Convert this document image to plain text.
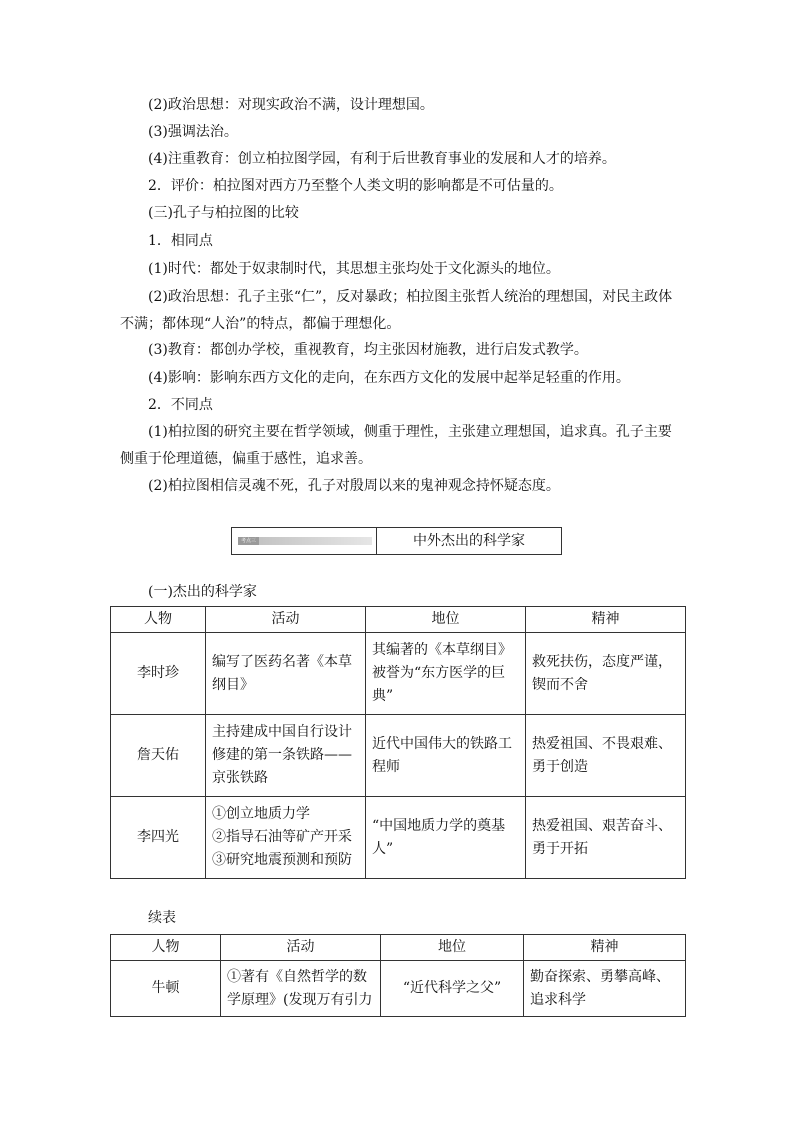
(2)政治思想：对现实政治不满，设计理想国。

(3)强调法治。

(4)注重教育：创立柏拉图学园，有利于后世教育事业的发展和人才的培养。

2．评价：柏拉图对西方乃至整个人类文明的影响都是不可估量的。

(三)孔子与柏拉图的比较

1．相同点

(1)时代：都处于奴隶制时代，其思想主张均处于文化源头的地位。

(2)政治思想：孔子主张“仁”，反对暴政；柏拉图主张哲人统治的理想国，对民主政体不满；都体现“人治”的特点，都偏于理想化。

(3)教育：都创办学校，重视教育，均主张因材施教，进行启发式教学。

(4)影响：影响东西方文化的走向，在东西方文化的发展中起举足轻重的作用。

2．不同点

(1)柏拉图的研究主要在哲学领域，侧重于理性，主张建立理想国，追求真。孔子主要侧重于伦理道德，偏重于感性，追求善。

(2)柏拉图相信灵魂不死，孔子对殷周以来的鬼神观念持怀疑态度。

考点三	中外杰出的科学家
(一)杰出的科学家
人物	活动	地位	精神
李时珍	编写了医药名著《本草纲目》	其编著的《本草纲目》被誉为“东方医学的巨典”	救死扶伤，态度严谨，锲而不舍
詹天佑	主持建成中国自行设计修建的第一条铁路——京张铁路	近代中国伟大的铁路工程师	热爱祖国、不畏艰难、勇于创造
李四光	①创立地质力学
②指导石油等矿产开采
③研究地震预测和预防	“中国地质力学的奠基人”	热爱祖国、艰苦奋斗、勇于开拓
续表
人物	活动	地位	精神
牛顿	①著有《自然哲学的数学原理》(发现万有引力	“近代科学之父”	勤奋探索、勇攀高峰、追求科学
